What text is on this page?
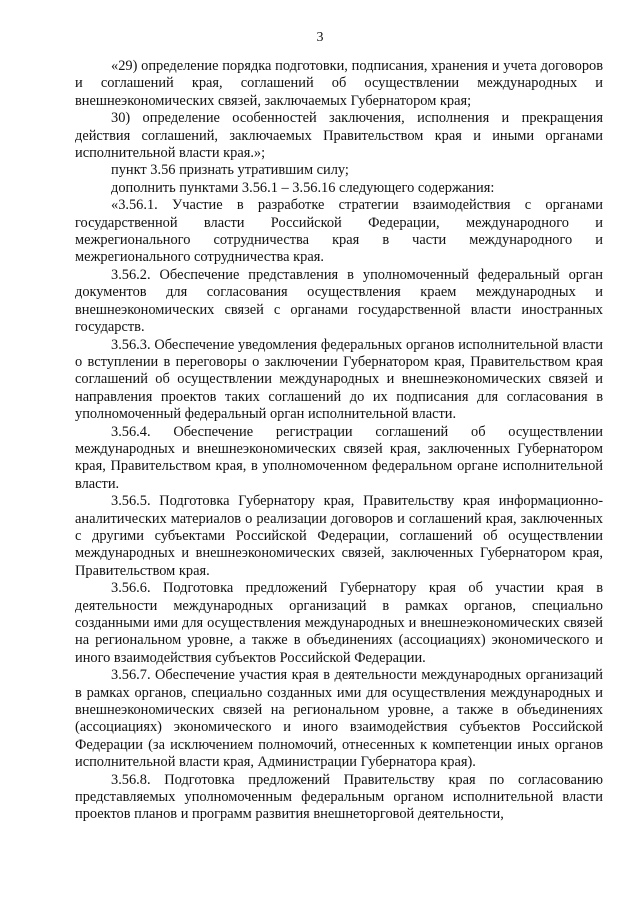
3

«29) определение порядка подготовки, подписания, хранения и учета договоров и соглашений края, соглашений об осуществлении международных и внешнеэкономических связей, заключаемых Губернатором края;

30) определение особенностей заключения, исполнения и прекращения действия соглашений, заключаемых Правительством края и иными органами исполнительной власти края.»;

пункт 3.56 признать утратившим силу;

дополнить пунктами 3.56.1 – 3.56.16 следующего содержания:

«3.56.1. Участие в разработке стратегии взаимодействия с органами государственной власти Российской Федерации, международного и межрегионального сотрудничества края в части международного и межрегионального сотрудничества края.

3.56.2. Обеспечение представления в уполномоченный федеральный орган документов для согласования осуществления краем международных и внешнеэкономических связей с органами государственной власти иностранных государств.

3.56.3. Обеспечение уведомления федеральных органов исполнительной власти о вступлении в переговоры о заключении Губернатором края, Правительством края соглашений об осуществлении международных и внешнеэкономических связей и направления проектов таких соглашений до их подписания для согласования в уполномоченный федеральный орган исполнительной власти.

3.56.4. Обеспечение регистрации соглашений об осуществлении международных и внешнеэкономических связей края, заключенных Губернатором края, Правительством края, в уполномоченном федеральном органе исполнительной власти.

3.56.5. Подготовка Губернатору края, Правительству края информационно-аналитических материалов о реализации договоров и соглашений края, заключенных с другими субъектами Российской Федерации, соглашений об осуществлении международных и внешнеэкономических связей, заключенных Губернатором края, Правительством края.

3.56.6. Подготовка предложений Губернатору края об участии края в деятельности международных организаций в рамках органов, специально созданными ими для осуществления международных и внешнеэкономических связей на региональном уровне, а также в объединениях (ассоциациях) экономического и иного взаимодействия субъектов Российской Федерации.

3.56.7. Обеспечение участия края в деятельности международных организаций в рамках органов, специально созданных ими для осуществления международных и внешнеэкономических связей на региональном уровне, а также в объединениях (ассоциациях) экономического и иного взаимодействия субъектов Российской Федерации (за исключением полномочий, отнесенных к компетенции иных органов исполнительной власти края, Администрации Губернатора края).

3.56.8. Подготовка предложений Правительству края по согласованию представляемых уполномоченным федеральным органом исполнительной власти проектов планов и программ развития внешнеторговой деятельности,
